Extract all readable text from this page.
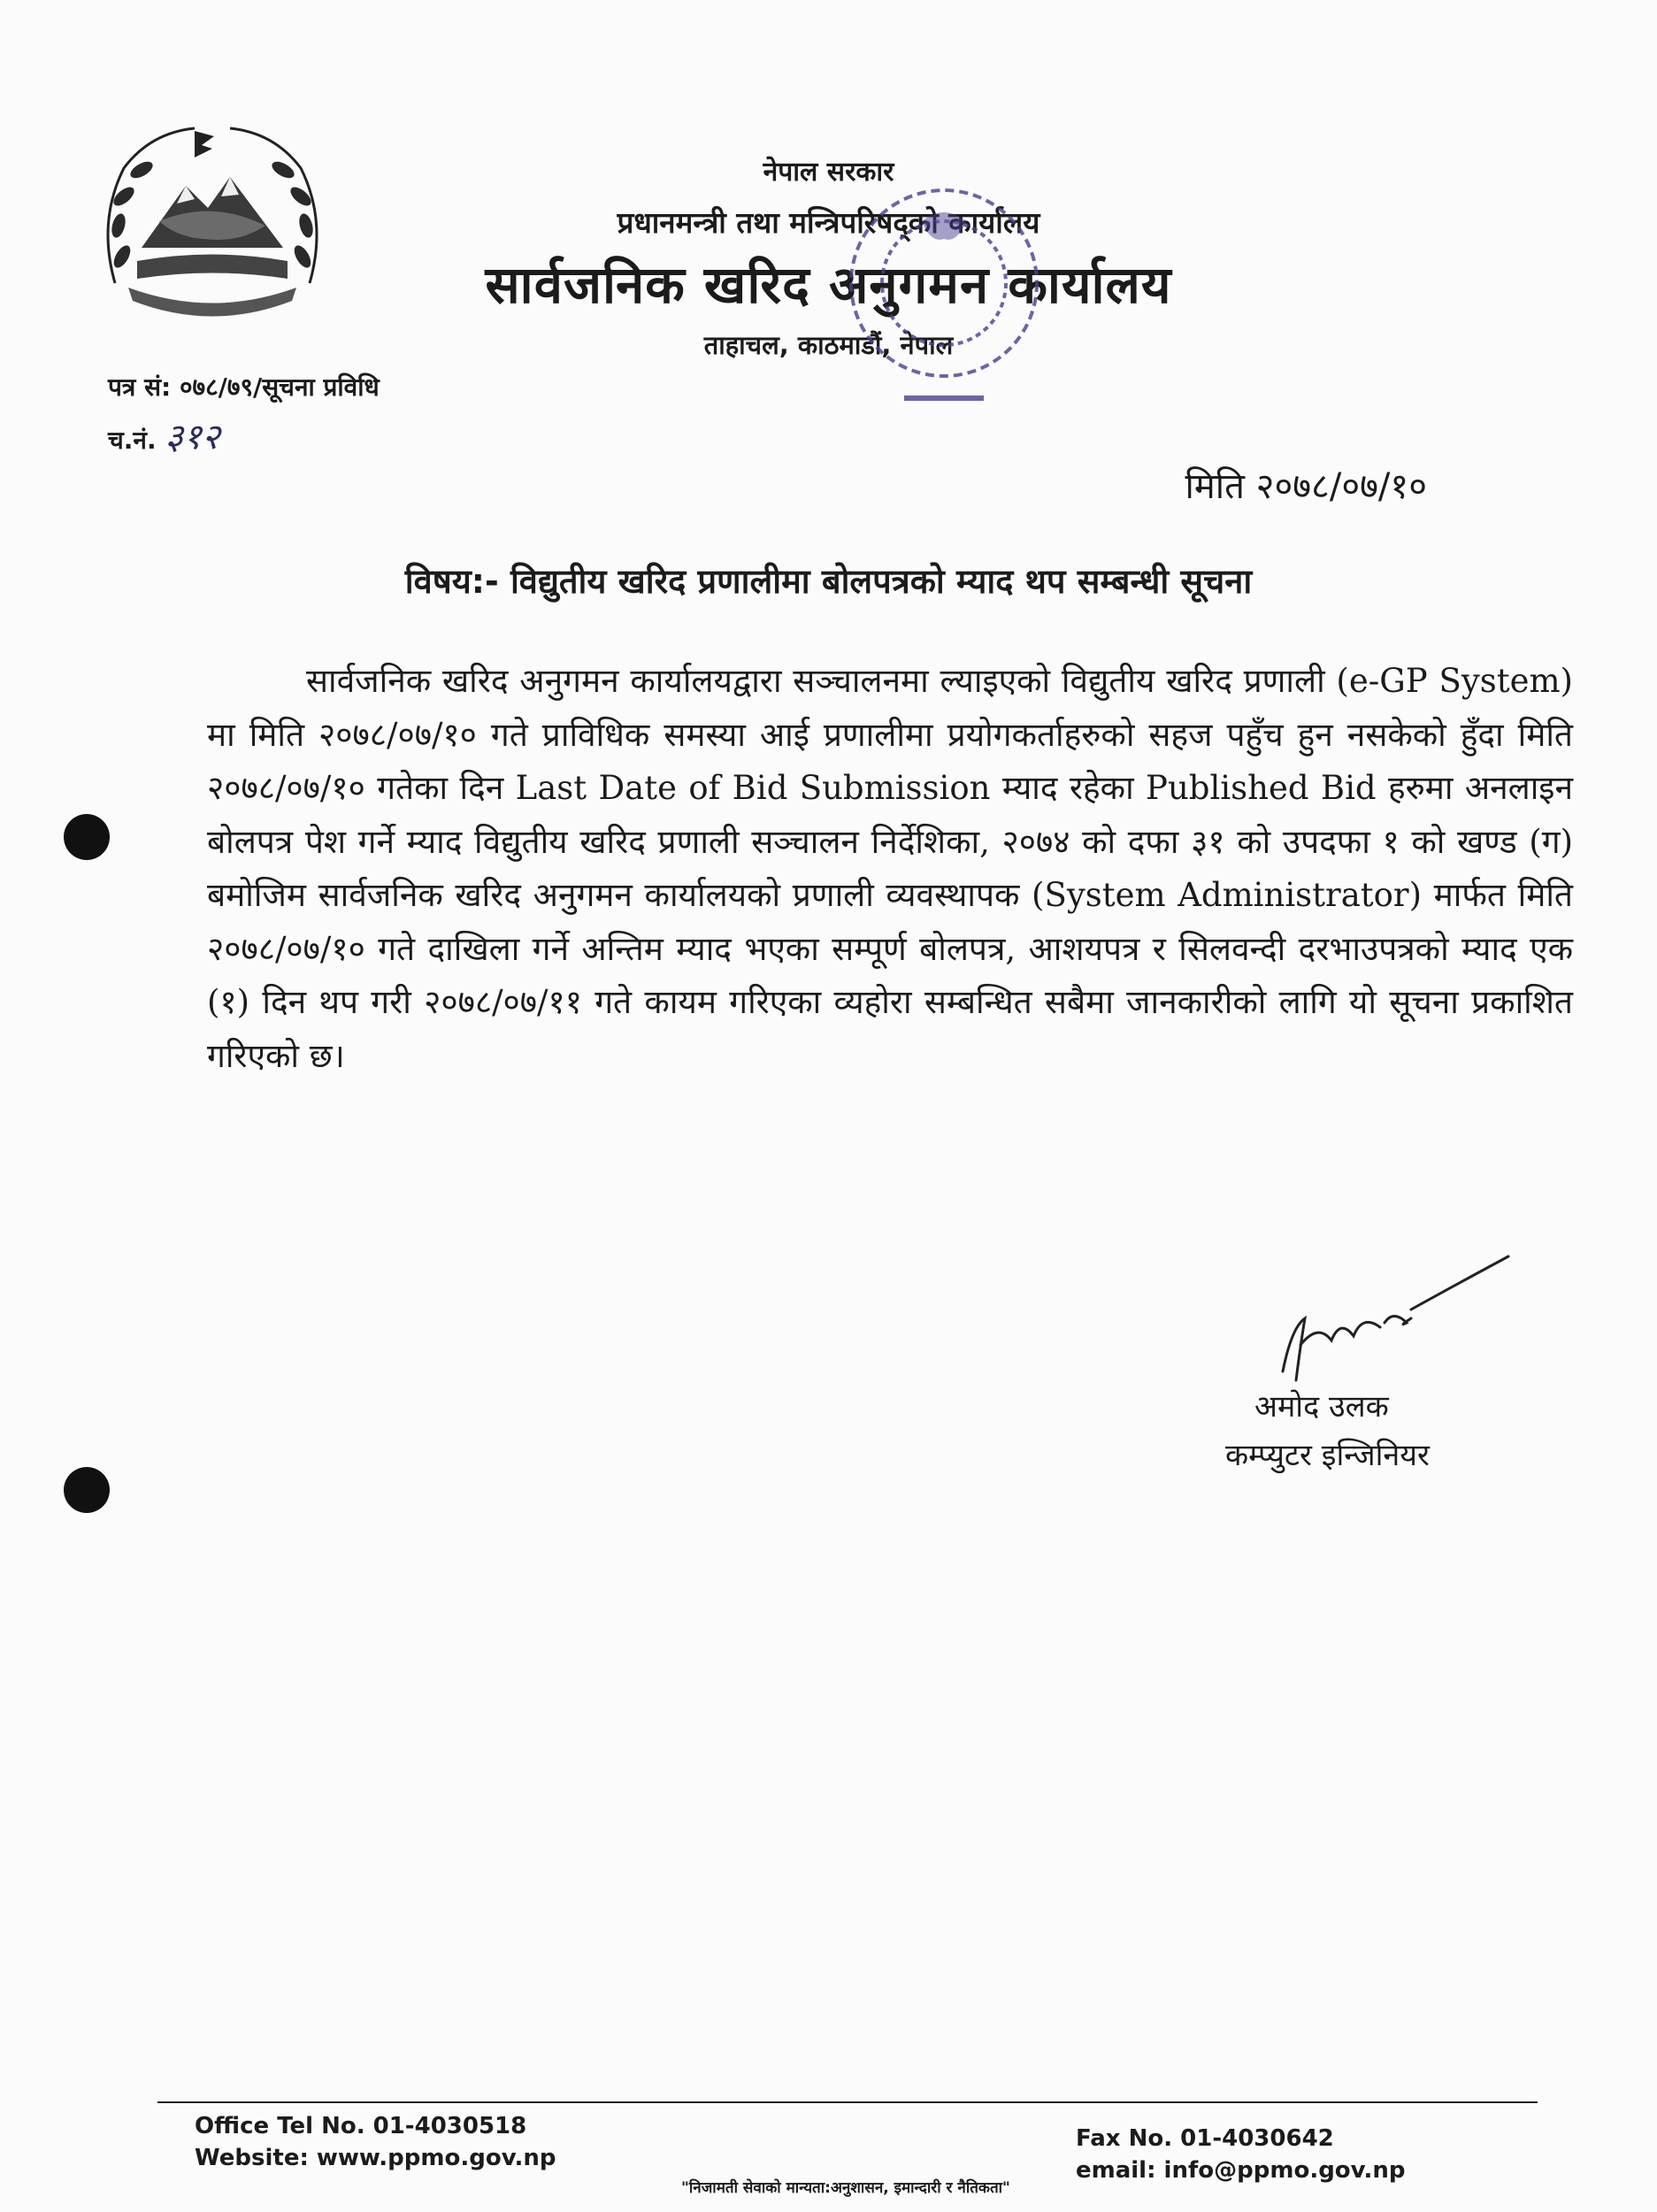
नेपाल सरकार
प्रधानमन्त्री तथा मन्त्रिपरिषद्को कार्यालय
सार्वजनिक खरिद अनुगमन कार्यालय
ताहाचल, काठमाडौं, नेपाल
पत्र सं: ०७८/७९/सूचना प्रविधि
च.नं. ३१२
मिति २०७८/०७/१०
विषय:- विद्युतीय खरिद प्रणालीमा बोलपत्रको म्याद थप सम्बन्धी सूचना
सार्वजनिक खरिद अनुगमन कार्यालयद्वारा सञ्चालनमा ल्याइएको विद्युतीय खरिद प्रणाली (e-GP System) मा मिति २०७८/०७/१० गते प्राविधिक समस्या आई प्रणालीमा प्रयोगकर्ताहरुको सहज पहुँच हुन नसकेको हुँदा मिति २०७८/०७/१० गतेका दिन Last Date of Bid Submission म्याद रहेका Published Bid हरुमा अनलाइन बोलपत्र पेश गर्ने म्याद विद्युतीय खरिद प्रणाली सञ्चालन निर्देशिका, २०७४ को दफा ३१ को उपदफा १ को खण्ड (ग) बमोजिम सार्वजनिक खरिद अनुगमन कार्यालयको प्रणाली व्यवस्थापक (System Administrator) मार्फत मिति २०७८/०७/१० गते दाखिला गर्ने अन्तिम म्याद भएका सम्पूर्ण बोलपत्र, आशयपत्र र सिलवन्दी दरभाउपत्रको म्याद एक (१) दिन थप गरी २०७८/०७/११ गते कायम गरिएका व्यहोरा सम्बन्धित सबैमा जानकारीको लागि यो सूचना प्रकाशित गरिएको छ।
अमोद उलक
कम्प्युटर इन्जिनियर
Office Tel No. 01-4030518
Website: www.ppmo.gov.np
Fax No. 01-4030642
email: info@ppmo.gov.np
"निजामती सेवाको मान्यता:अनुशासन, इमान्दारी र नैतिकता"
